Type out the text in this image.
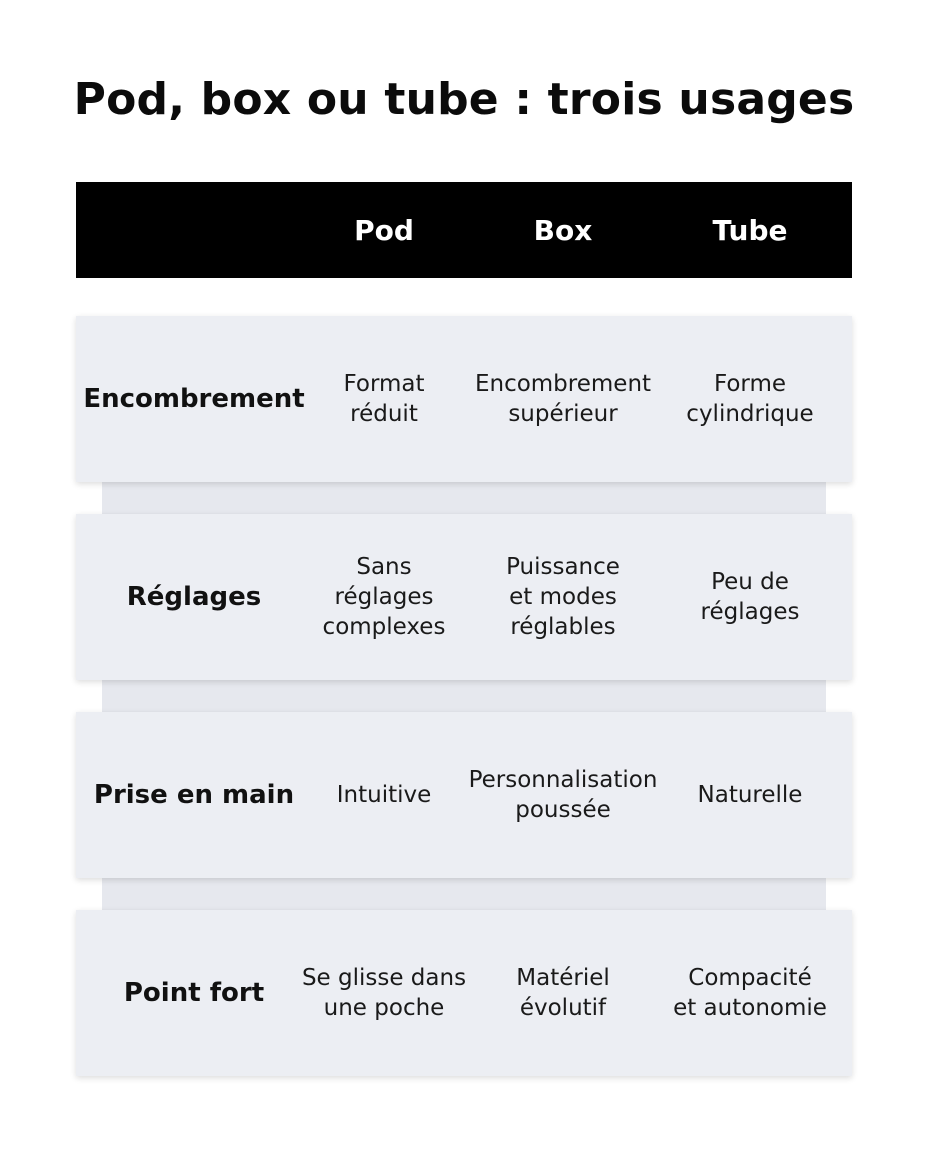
Pod, box ou tube : trois usages
Pod	Box	Tube
Encombrement Format
réduit
Encombrement
supérieur
Forme
cylindrique
Réglages
Sans
réglages
complexes
Puissance
et modes
réglables
Peu de
réglages
Prise en main Intuitive
Personnalisation
poussée
Naturelle
Point fort Se glisse dans
une poche
Matériel
évolutif
Compacité
et autonomie
